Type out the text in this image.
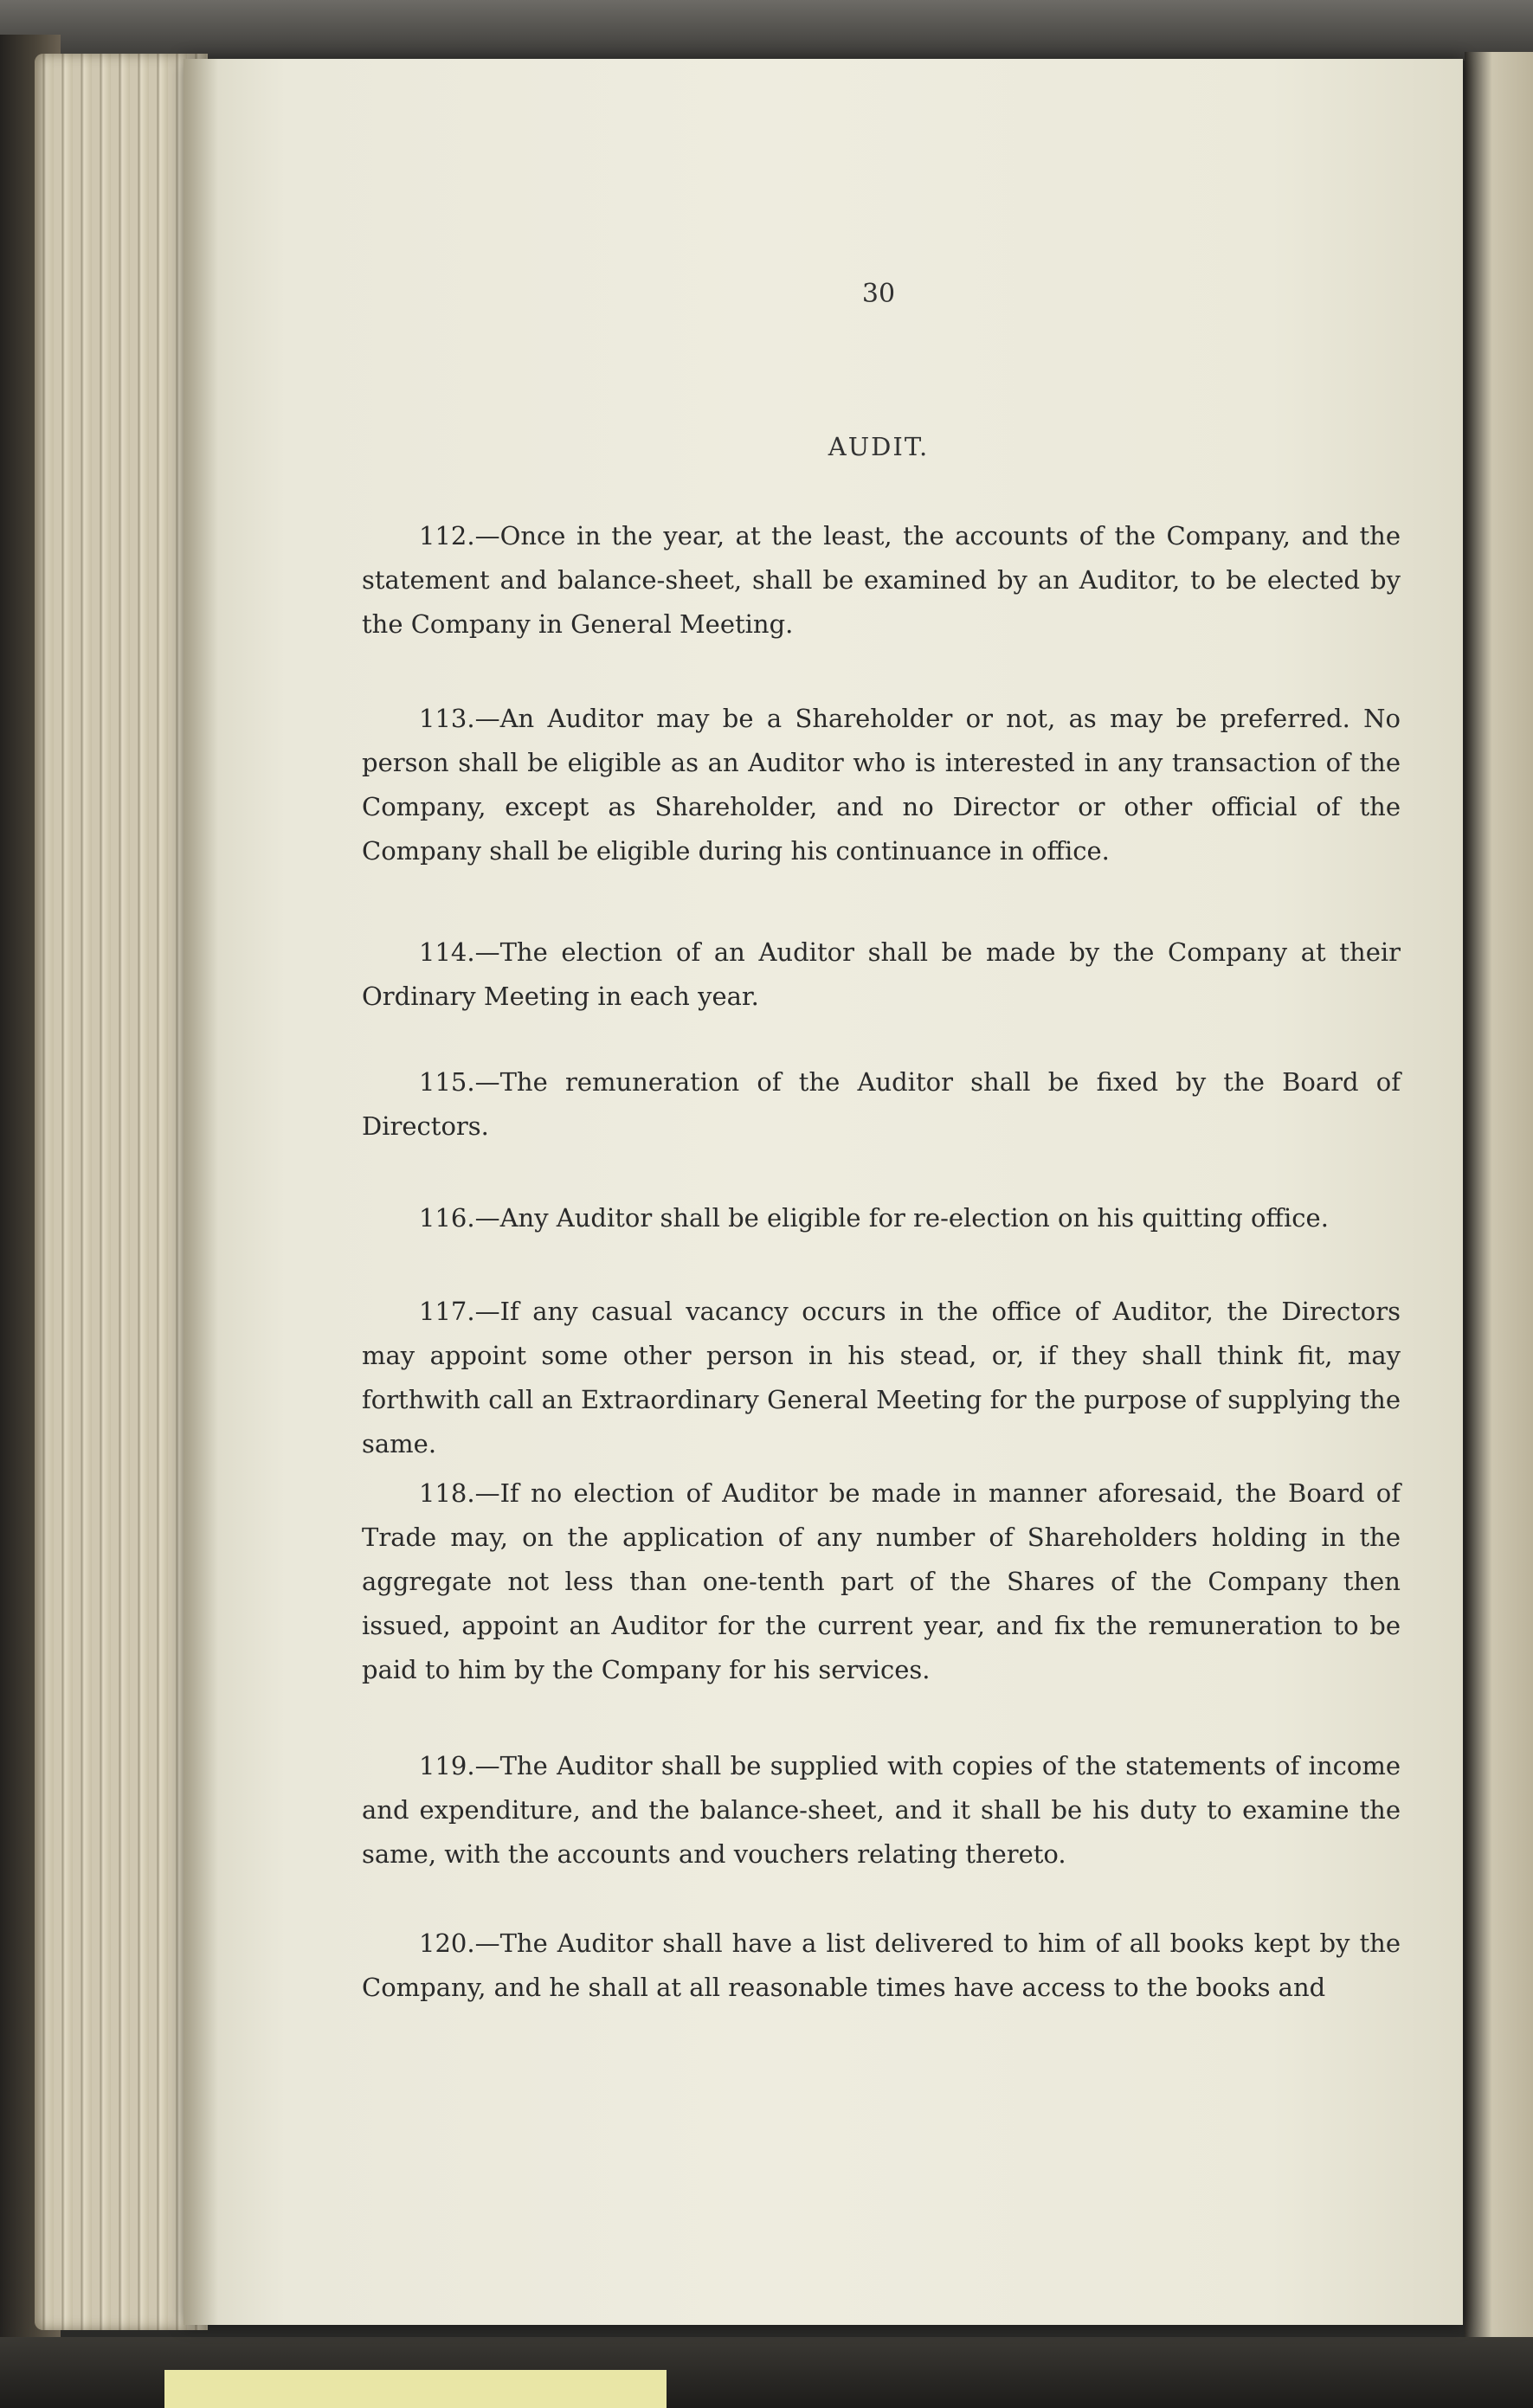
30
AUDIT.

112.—Once in the year, at the least, the accounts of the Company, and the statement and balance-sheet, shall be examined by an Auditor, to be elected by the Company in General Meeting.

113.—An Auditor may be a Shareholder or not, as may be preferred. No person shall be eligible as an Auditor who is interested in any transaction of the Company, except as Shareholder, and no Director or other official of the Company shall be eligible during his continuance in office.

114.—The election of an Auditor shall be made by the Company at their Ordinary Meeting in each year.

115.—The remuneration of the Auditor shall be fixed by the Board of Directors.

116.—Any Auditor shall be eligible for re-election on his quitting office.

117.—If any casual vacancy occurs in the office of Auditor, the Directors may appoint some other person in his stead, or, if they shall think fit, may forthwith call an Extraordinary General Meeting for the purpose of supplying the same.

118.—If no election of Auditor be made in manner aforesaid, the Board of Trade may, on the application of any number of Shareholders holding in the aggregate not less than one-tenth part of the Shares of the Company then issued, appoint an Auditor for the current year, and fix the remuneration to be paid to him by the Company for his services.

119.—The Auditor shall be supplied with copies of the statements of income and expenditure, and the balance-sheet, and it shall be his duty to examine the same, with the accounts and vouchers relating thereto.

120.—The Auditor shall have a list delivered to him of all books kept by the Company, and he shall at all reasonable times have access to the books and
